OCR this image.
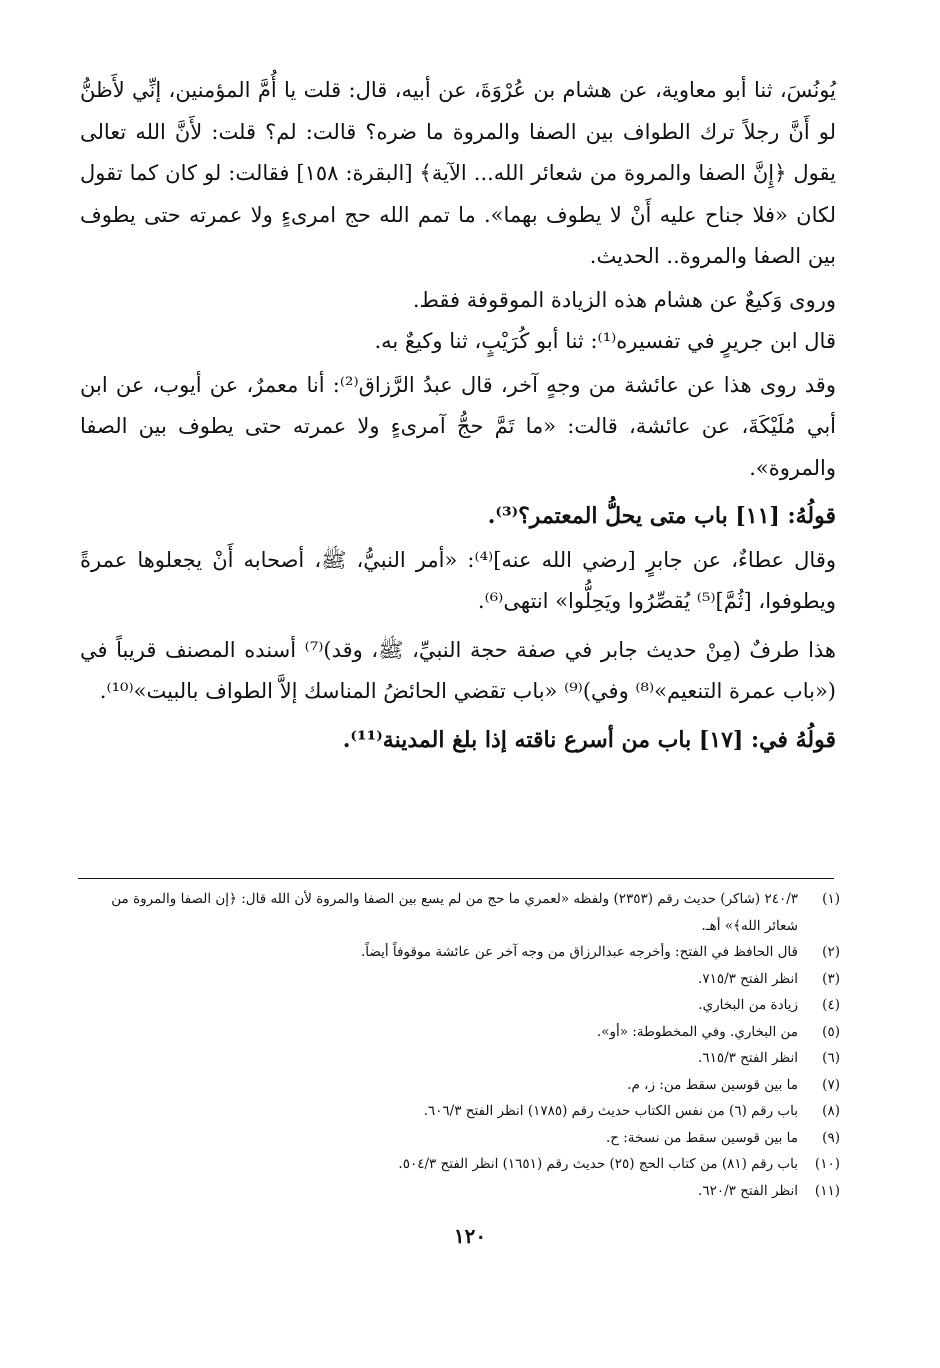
يُونُسَ، ثنا أبو معاوية، عن هشام بن عُرْوَةَ، عن أبيه، قال: قلت يا أُمَّ المؤمنين، إنِّي لأَظنُّ لو أَنَّ رجلاً ترك الطواف بين الصفا والمروة ما ضره؟ قالت: لم؟ قلت: لأَنَّ الله تعالى يقول ﴿إِنَّ الصفا والمروة من شعائر الله... الآية﴾ [البقرة: ١٥٨] فقالت: لو كان كما تقول لكان «فلا جناح عليه أَنْ لا يطوف بهما». ما تمم الله حج امرىءٍ ولا عمرته حتى يطوف بين الصفا والمروة.. الحديث.

وروى وَكيعٌ عن هشام هذه الزيادة الموقوفة فقط.

قال ابن جريرٍ في تفسيره⁽¹⁾: ثنا أبو كُرَيْبٍ، ثنا وكيعٌ به.

وقد روى هذا عن عائشة من وجهٍ آخر، قال عبدُ الرَّزاق⁽²⁾: أنا معمرٌ، عن أيوب، عن ابن أبي مُلَيْكَةَ، عن عائشة، قالت: «ما تَمَّ حجُّ آمرىءٍ ولا عمرته حتى يطوف بين الصفا والمروة».

قولُهُ: [١١] باب متى يحلُّ المعتمر؟⁽³⁾.

وقال عطاءٌ، عن جابرٍ [رضي الله عنه]⁽⁴⁾: «أمر النبيُّ، ﷺ، أصحابه أَنْ يجعلوها عمرةً ويطوفوا، [ثُمَّ]⁽⁵⁾ يُقصِّرُوا ويَحِلُّوا» انتهى⁽⁶⁾.

هذا طرفٌ (مِنْ حديث جابر في صفة حجة النبيِّ، ﷺ، وقد)⁽⁷⁾ أسنده المصنف قريباً في («باب عمرة التنعيم»⁽⁸⁾ وفي)⁽⁹⁾ «باب تقضي الحائضُ المناسك إلاَّ الطواف بالبيت»⁽¹⁰⁾.

قولُهُ في: [١٧] باب من أسرع ناقته إذا بلغ المدينة⁽¹¹⁾.

(١)
٢٤٠/٣ (شاكر) حديث رقم (٢٣٥٣) ولفظه «لعمري ما حج من لم يسع بين الصفا والمروة لأن الله قال: ﴿إن الصفا والمروة من شعائر الله﴾» أهـ.
(٢)
قال الحافظ في الفتح: وأخرجه عبدالرزاق من وجه آخر عن عائشة موقوفاً أيضاً.
(٣)
انظر الفتح ٧١٥/٣.
(٤)
زيادة من البخاري.
(٥)
من البخاري. وفي المخطوطة: «أو».
(٦)
انظر الفتح ٦١٥/٣.
(٧)
ما بين قوسين سقط من: ز، م.
(٨)
باب رقم (٦) من نفس الكتاب حديث رقم (١٧٨٥) انظر الفتح ٦٠٦/٣.
(٩)
ما بين قوسين سقط من نسخة: ح.
(١٠)
باب رقم (٨١) من كتاب الحج (٢٥) حديث رقم (١٦٥١) انظر الفتح ٥٠٤/٣.
(١١)
انظر الفتح ٦٢٠/٣.
١٢٠
